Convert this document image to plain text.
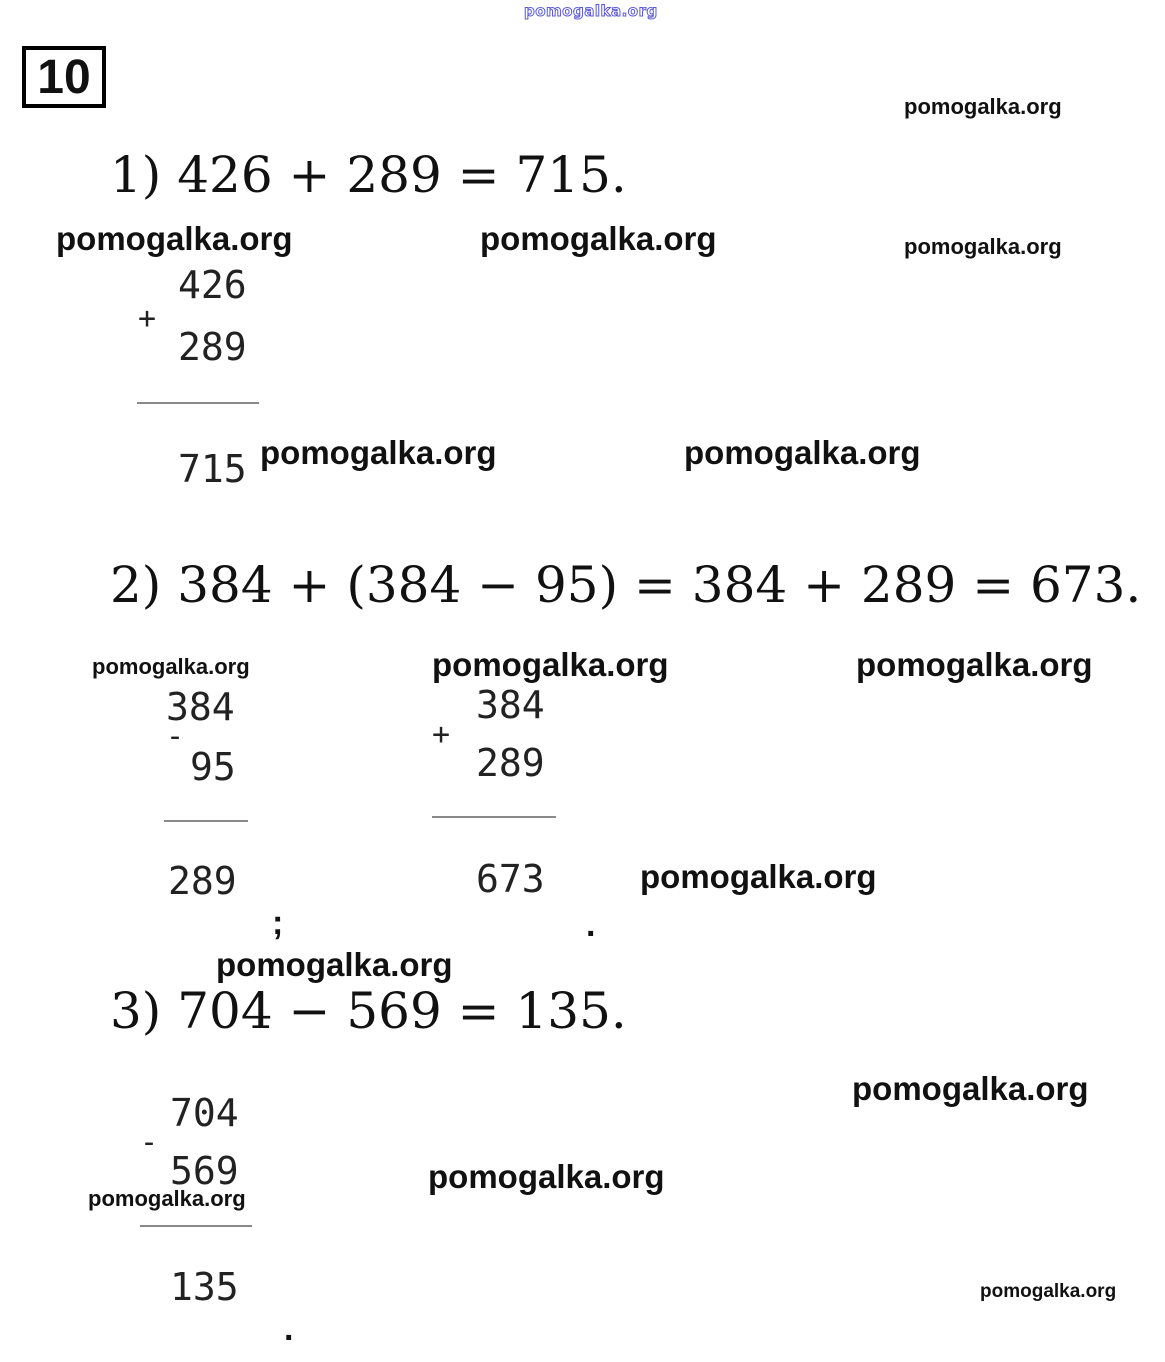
pomogalka.org
10
1) 426 + 289 = 715.
426
+
289
715
2) 384 + (384 − 95) = 384 + 289 = 673.
384
-
95
289
;
384
+
289
673
.
3) 704 − 569 = 135.
704
-
569
135
.
pomogalka.org
pomogalka.org	pomogalka.org	pomogalka.org
pomogalka.org	pomogalka.org
pomogalka.org	pomogalka.org	pomogalka.org
pomogalka.org
pomogalka.org
pomogalka.org
pomogalka.org
pomogalka.org
pomogalka.org
